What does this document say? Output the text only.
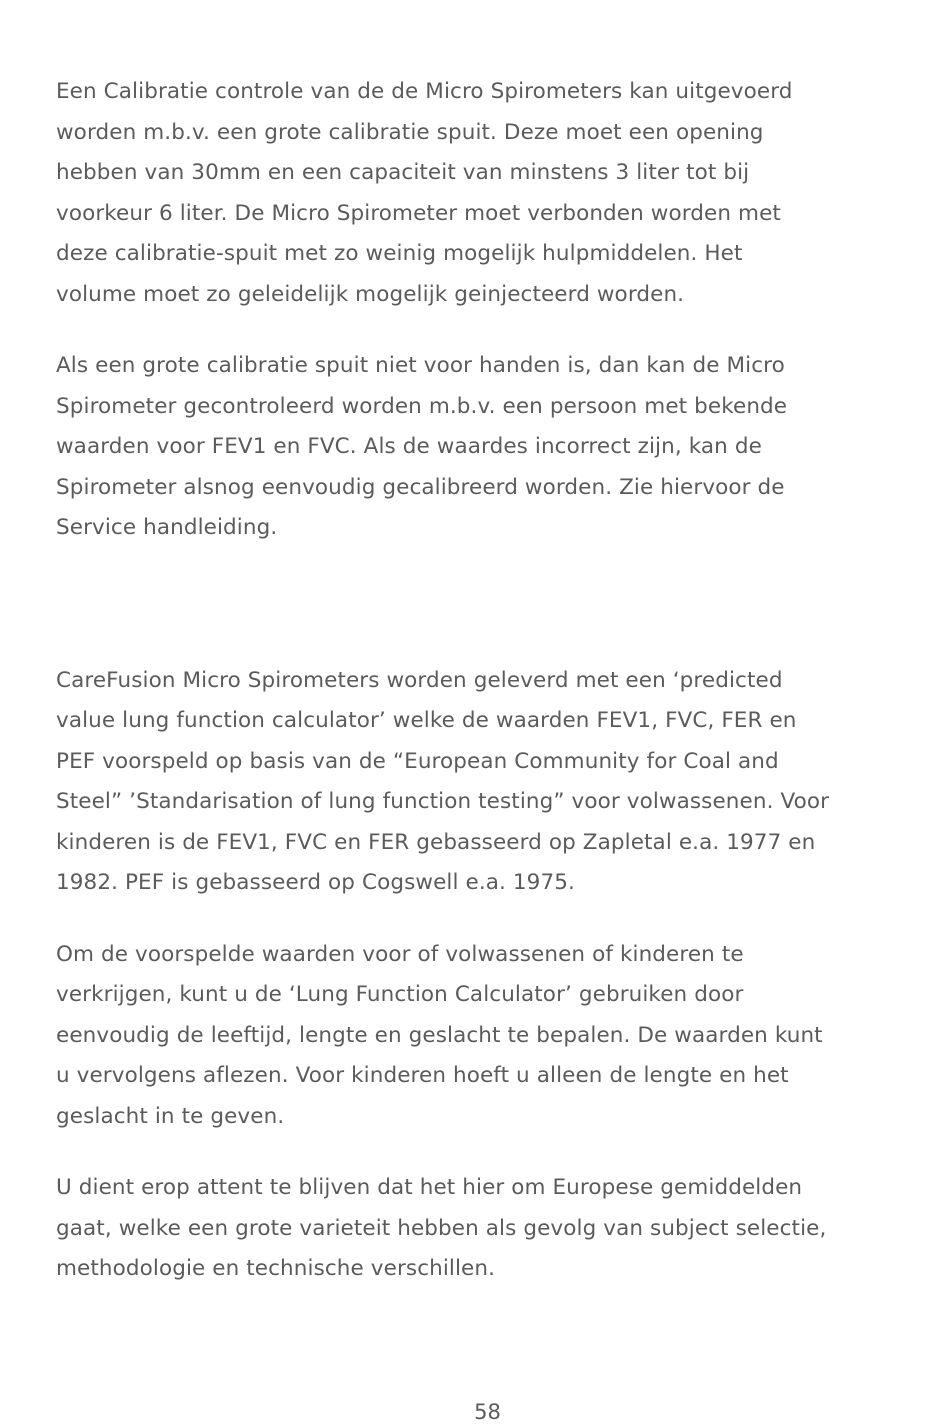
Een Calibratie controle van de de Micro Spirometers kan uitgevoerd
worden m.b.v. een grote calibratie spuit. Deze moet een opening
hebben van 30mm en een capaciteit van minstens 3 liter tot bij
voorkeur 6 liter. De Micro Spirometer moet verbonden worden met
deze calibratie-spuit met zo weinig mogelijk hulpmiddelen. Het
volume moet zo geleidelijk mogelijk geinjecteerd worden.

Als een grote calibratie spuit niet voor handen is, dan kan de Micro
Spirometer gecontroleerd worden m.b.v. een persoon met bekende
waarden voor FEV1 en FVC. Als de waardes incorrect zijn, kan de
Spirometer alsnog eenvoudig gecalibreerd worden. Zie hiervoor de
Service handleiding.

CareFusion Micro Spirometers worden geleverd met een ‘predicted
value lung function calculator’ welke de waarden FEV1, FVC, FER en
PEF voorspeld op basis van de “European Community for Coal and
Steel” ’Standarisation of lung function testing” voor volwassenen. Voor
kinderen is de FEV1, FVC en FER gebasseerd op Zapletal e.a. 1977 en
1982. PEF is gebasseerd op Cogswell e.a. 1975.

Om de voorspelde waarden voor of volwassenen of kinderen te
verkrijgen, kunt u de ‘Lung Function Calculator’ gebruiken door
eenvoudig de leeftijd, lengte en geslacht te bepalen. De waarden kunt
u vervolgens aflezen. Voor kinderen hoeft u alleen de lengte en het
geslacht in te geven.

U dient erop attent te blijven dat het hier om Europese gemiddelden
gaat, welke een grote varieteit hebben als gevolg van subject selectie,
methodologie en technische verschillen.

58
